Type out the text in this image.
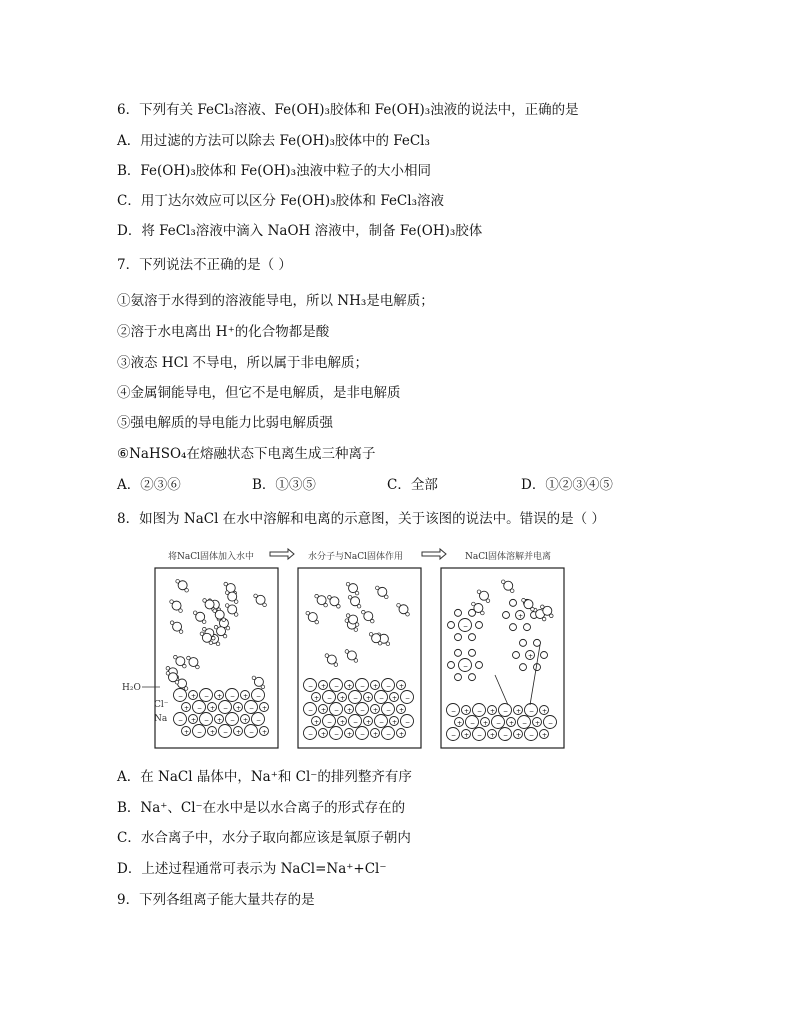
6．下列有关 FeCl₃溶液、Fe(OH)₃胶体和 Fe(OH)₃浊液的说法中，正确的是
A．用过滤的方法可以除去 Fe(OH)₃胶体中的 FeCl₃
B．Fe(OH)₃胶体和 Fe(OH)₃浊液中粒子的大小相同
C．用丁达尔效应可以区分 Fe(OH)₃胶体和 FeCl₃溶液
D．将 FeCl₃溶液中滴入 NaOH 溶液中，制备 Fe(OH)₃胶体
7．下列说法不正确的是（ ）
①氨溶于水得到的溶液能导电，所以 NH₃是电解质；
②溶于水电离出 H⁺的化合物都是酸
③液态 HCl 不导电，所以属于非电解质；
④金属铜能导电，但它不是电解质，是非电解质
⑤强电解质的导电能力比弱电解质强
⑥NaHSO₄在熔融状态下电离生成三种离子
A．②③⑥	B．①③⑤	C．全部	D．①②③④⑤
8．如图为 NaCl 在水中溶解和电离的示意图，关于该图的说法中。错误的是（ ）
将NaCl固体加入水中	水分子与NaCl固体作用	NaCl固体溶解并电离
H₂O
Cl⁻
Na
− + − + − + −
+ − + − + − +
− + − + − + −
+ − + − + − +
− + − + − + − +
+ − + − + − + −
− + − + − + − +
+ − + − + − + −
− + − + − + − +
−
+
−
+
− + − + − + − +
+ − + − + − + −
− + − + − + − +
A．在 NaCl 晶体中，Na⁺和 Cl⁻的排列整齐有序
B．Na⁺、Cl⁻在水中是以水合离子的形式存在的
C．水合离子中，水分子取向都应该是氧原子朝内
D．上述过程通常可表示为 NaCl=Na⁺+Cl⁻
9．下列各组离子能大量共存的是
